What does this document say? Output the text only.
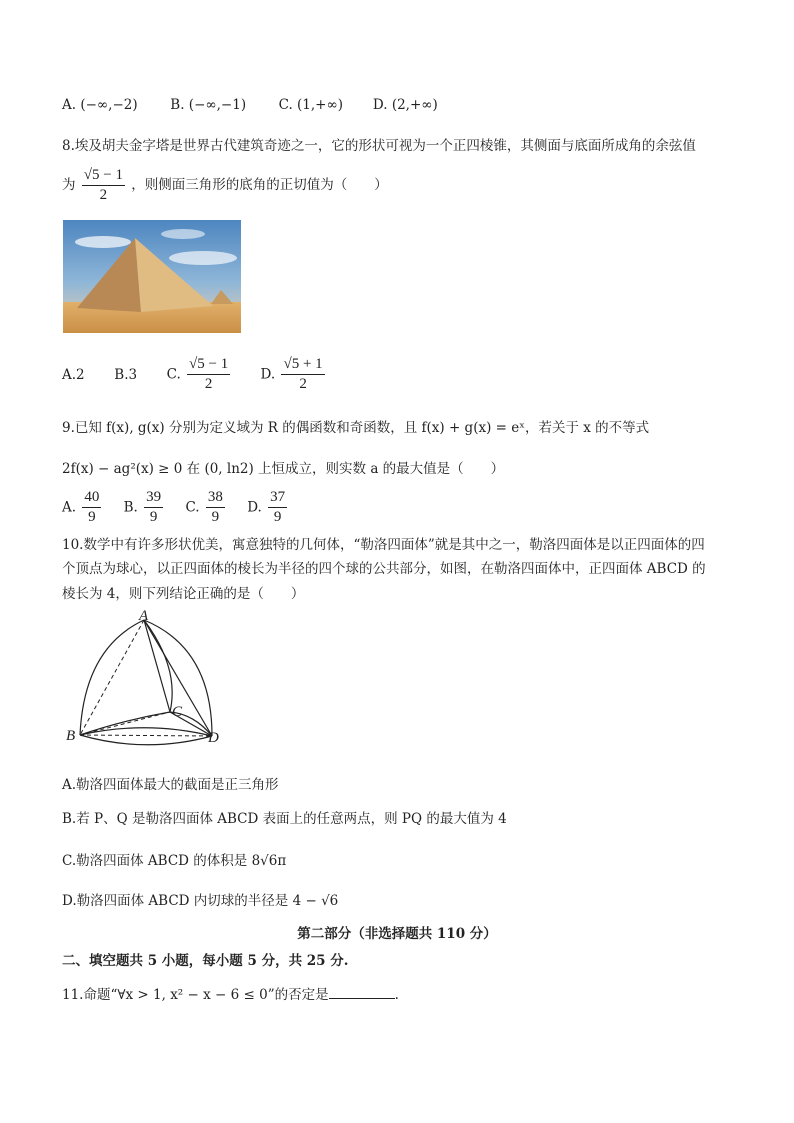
A. (−∞,−2) B. (−∞,−1) C. (1,+∞) D. (2,+∞)
8.埃及胡夫金字塔是世界古代建筑奇迹之一，它的形状可视为一个正四棱锥，其侧面与底面所成角的余弦值
为 $\frac{√5 - 1}{2}$ ，则侧面三角形的底角的正切值为（　　）
A.2 B.3 C. $\frac{√5 - 1}{2} D$. $\frac{√5 + 1}{2}$
9.已知 f(x), g(x) 分别为定义域为 R 的偶函数和奇函数，且 f(x) + g(x) = eˣ，若关于 x 的不等式
2f(x) − ag²(x) ≥ 0 在 (0, ln2) 上恒成立，则实数 a 的最大值是（　　）
A. $\frac{40}{9} B$. $\frac{39}{9} C$. $\frac{38}{9} D$. $\frac{37}{9}$
10.数学中有许多形状优美，寓意独特的几何体，“勒洛四面体”就是其中之一，勒洛四面体是以正四面体的四
个顶点为球心，以正四面体的棱长为半径的四个球的公共部分，如图，在勒洛四面体中，正四面体 ABCD 的
棱长为 4，则下列结论正确的是（　　）
A
B
C
D
A.勒洛四面体最大的截面是正三角形
B.若 P、Q 是勒洛四面体 ABCD 表面上的任意两点，则 PQ 的最大值为 4
C.勒洛四面体 ABCD 的体积是 8√6π
D.勒洛四面体 ABCD 内切球的半径是 4 − √6
第二部分（非选择题共 110 分）
二、填空题共 5 小题，每小题 5 分，共 25 分.
11.命题“∀x > 1, x² − x − 6 ≤ 0”的否定是	.
